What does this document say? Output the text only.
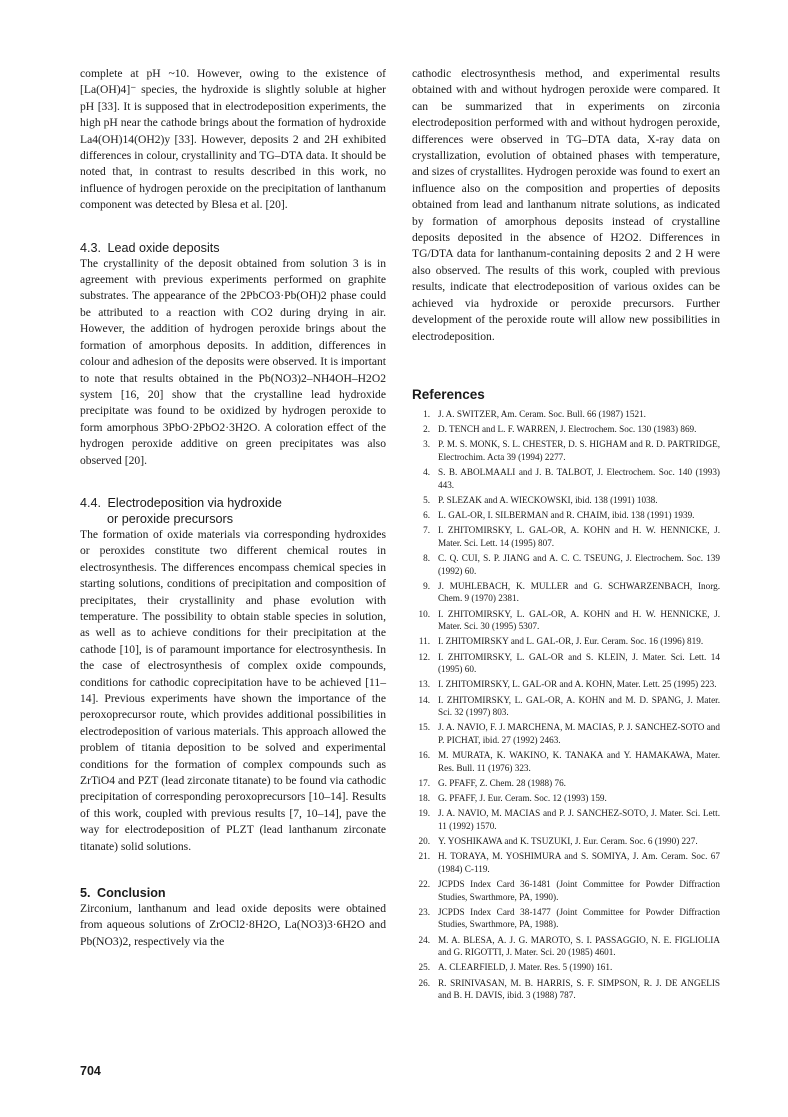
complete at pH ~10. However, owing to the existence of [La(OH)4]⁻ species, the hydroxide is slightly soluble at higher pH [33]. It is supposed that in electrodeposition experiments, the high pH near the cathode brings about the formation of hydroxide La4(OH)14(OH2)y [33]. However, deposits 2 and 2H exhibited differences in colour, crystallinity and TG–DTA data. It should be noted that, in contrast to results described in this work, no influence of hydrogen peroxide on the precipitation of lanthanum component was detected by Blesa et al. [20].

4.3. Lead oxide deposits

The crystallinity of the deposit obtained from solution 3 is in agreement with previous experiments performed on graphite substrates. The appearance of the 2PbCO3·Pb(OH)2 phase could be attributed to a reaction with CO2 during drying in air. However, the addition of hydrogen peroxide brings about the formation of amorphous deposits. In addition, differences in colour and adhesion of the deposits were observed. It is important to note that results obtained in the Pb(NO3)2–NH4OH–H2O2 system [16, 20] show that the crystalline lead hydroxide precipitate was found to be oxidized by hydrogen peroxide to form amorphous 3PbO·2PbO2·3H2O. A coloration effect of the hydrogen peroxide additive on green precipitates was also observed [20].

4.4. Electrodeposition via hydroxide
or peroxide precursors

The formation of oxide materials via corresponding hydroxides or peroxides constitute two different chemical routes in electrosynthesis. The differences encompass chemical species in starting solutions, conditions of precipitation and composition of precipitates, their crystallinity and phase evolution with temperature. The possibility to obtain stable species in solution, as well as to achieve conditions for their precipitation at the cathode [10], is of paramount importance for electrosynthesis. In the case of electrosynthesis of complex oxide compounds, conditions for cathodic coprecipitation have to be achieved [11–14]. Previous experiments have shown the importance of the peroxoprecursor route, which provides additional possibilities in electrodeposition of various materials. This approach allowed the problem of titania deposition to be solved and experimental conditions for the formation of complex compounds such as ZrTiO4 and PZT (lead zirconate titanate) to be found via cathodic precipitation of corresponding peroxoprecursors [10–14]. Results of this work, coupled with previous results [7, 10–14], pave the way for electrodeposition of PLZT (lead lanthanum zirconate titanate) solid solutions.

5. Conclusion

Zirconium, lanthanum and lead oxide deposits were obtained from aqueous solutions of ZrOCl2·8H2O, La(NO3)3·6H2O and Pb(NO3)2, respectively via the

cathodic electrosynthesis method, and experimental results obtained with and without hydrogen peroxide were compared. It can be summarized that in experiments on zirconia electrodeposition performed with and without hydrogen peroxide, differences were observed in TG–DTA data, X-ray data on crystallization, evolution of obtained phases with temperature, and sizes of crystallites. Hydrogen peroxide was found to exert an influence also on the composition and properties of deposits obtained from lead and lanthanum nitrate solutions, as indicated by formation of amorphous deposits instead of crystalline deposits deposited in the absence of H2O2. Differences in TG/DTA data for lanthanum-containing deposits 2 and 2 H were also observed. The results of this work, coupled with previous results, indicate that electrodeposition of various oxides can be achieved via hydroxide or peroxide precursors. Further development of the peroxide route will allow new possibilities in electrodeposition.

References
1. J. A. SWITZER, Am. Ceram. Soc. Bull. 66 (1987) 1521.
2. D. TENCH and L. F. WARREN, J. Electrochem. Soc. 130 (1983) 869.
3. P. M. S. MONK, S. L. CHESTER, D. S. HIGHAM and R. D. PARTRIDGE, Electrochim. Acta 39 (1994) 2277.
4. S. B. ABOLMAALI and J. B. TALBOT, J. Electrochem. Soc. 140 (1993) 443.
5. P. SLEZAK and A. WIECKOWSKI, ibid. 138 (1991) 1038.
6. L. GAL-OR, I. SILBERMAN and R. CHAIM, ibid. 138 (1991) 1939.
7. I. ZHITOMIRSKY, L. GAL-OR, A. KOHN and H. W. HENNICKE, J. Mater. Sci. Lett. 14 (1995) 807.
8. C. Q. CUI, S. P. JIANG and A. C. C. TSEUNG, J. Electrochem. Soc. 139 (1992) 60.
9. J. MUHLEBACH, K. MULLER and G. SCHWARZENBACH, Inorg. Chem. 9 (1970) 2381.
10. I. ZHITOMIRSKY, L. GAL-OR, A. KOHN and H. W. HENNICKE, J. Mater. Sci. 30 (1995) 5307.
11. I. ZHITOMIRSKY and L. GAL-OR, J. Eur. Ceram. Soc. 16 (1996) 819.
12. I. ZHITOMIRSKY, L. GAL-OR and S. KLEIN, J. Mater. Sci. Lett. 14 (1995) 60.
13. I. ZHITOMIRSKY, L. GAL-OR and A. KOHN, Mater. Lett. 25 (1995) 223.
14. I. ZHITOMIRSKY, L. GAL-OR, A. KOHN and M. D. SPANG, J. Mater. Sci. 32 (1997) 803.
15. J. A. NAVIO, F. J. MARCHENA, M. MACIAS, P. J. SANCHEZ-SOTO and P. PICHAT, ibid. 27 (1992) 2463.
16. M. MURATA, K. WAKINO, K. TANAKA and Y. HAMAKAWA, Mater. Res. Bull. 11 (1976) 323.
17. G. PFAFF, Z. Chem. 28 (1988) 76.
18. G. PFAFF, J. Eur. Ceram. Soc. 12 (1993) 159.
19. J. A. NAVIO, M. MACIAS and P. J. SANCHEZ-SOTO, J. Mater. Sci. Lett. 11 (1992) 1570.
20. Y. YOSHIKAWA and K. TSUZUKI, J. Eur. Ceram. Soc. 6 (1990) 227.
21. H. TORAYA, M. YOSHIMURA and S. SOMIYA, J. Am. Ceram. Soc. 67 (1984) C-119.
22. JCPDS Index Card 36-1481 (Joint Committee for Powder Diffraction Studies, Swarthmore, PA, 1990).
23. JCPDS Index Card 38-1477 (Joint Committee for Powder Diffraction Studies, Swarthmore, PA, 1988).
24. M. A. BLESA, A. J. G. MAROTO, S. I. PASSAGGIO, N. E. FIGLIOLIA and G. RIGOTTI, J. Mater. Sci. 20 (1985) 4601.
25. A. CLEARFIELD, J. Mater. Res. 5 (1990) 161.
26. R. SRINIVASAN, M. B. HARRIS, S. F. SIMPSON, R. J. DE ANGELIS and B. H. DAVIS, ibid. 3 (1988) 787.
704
